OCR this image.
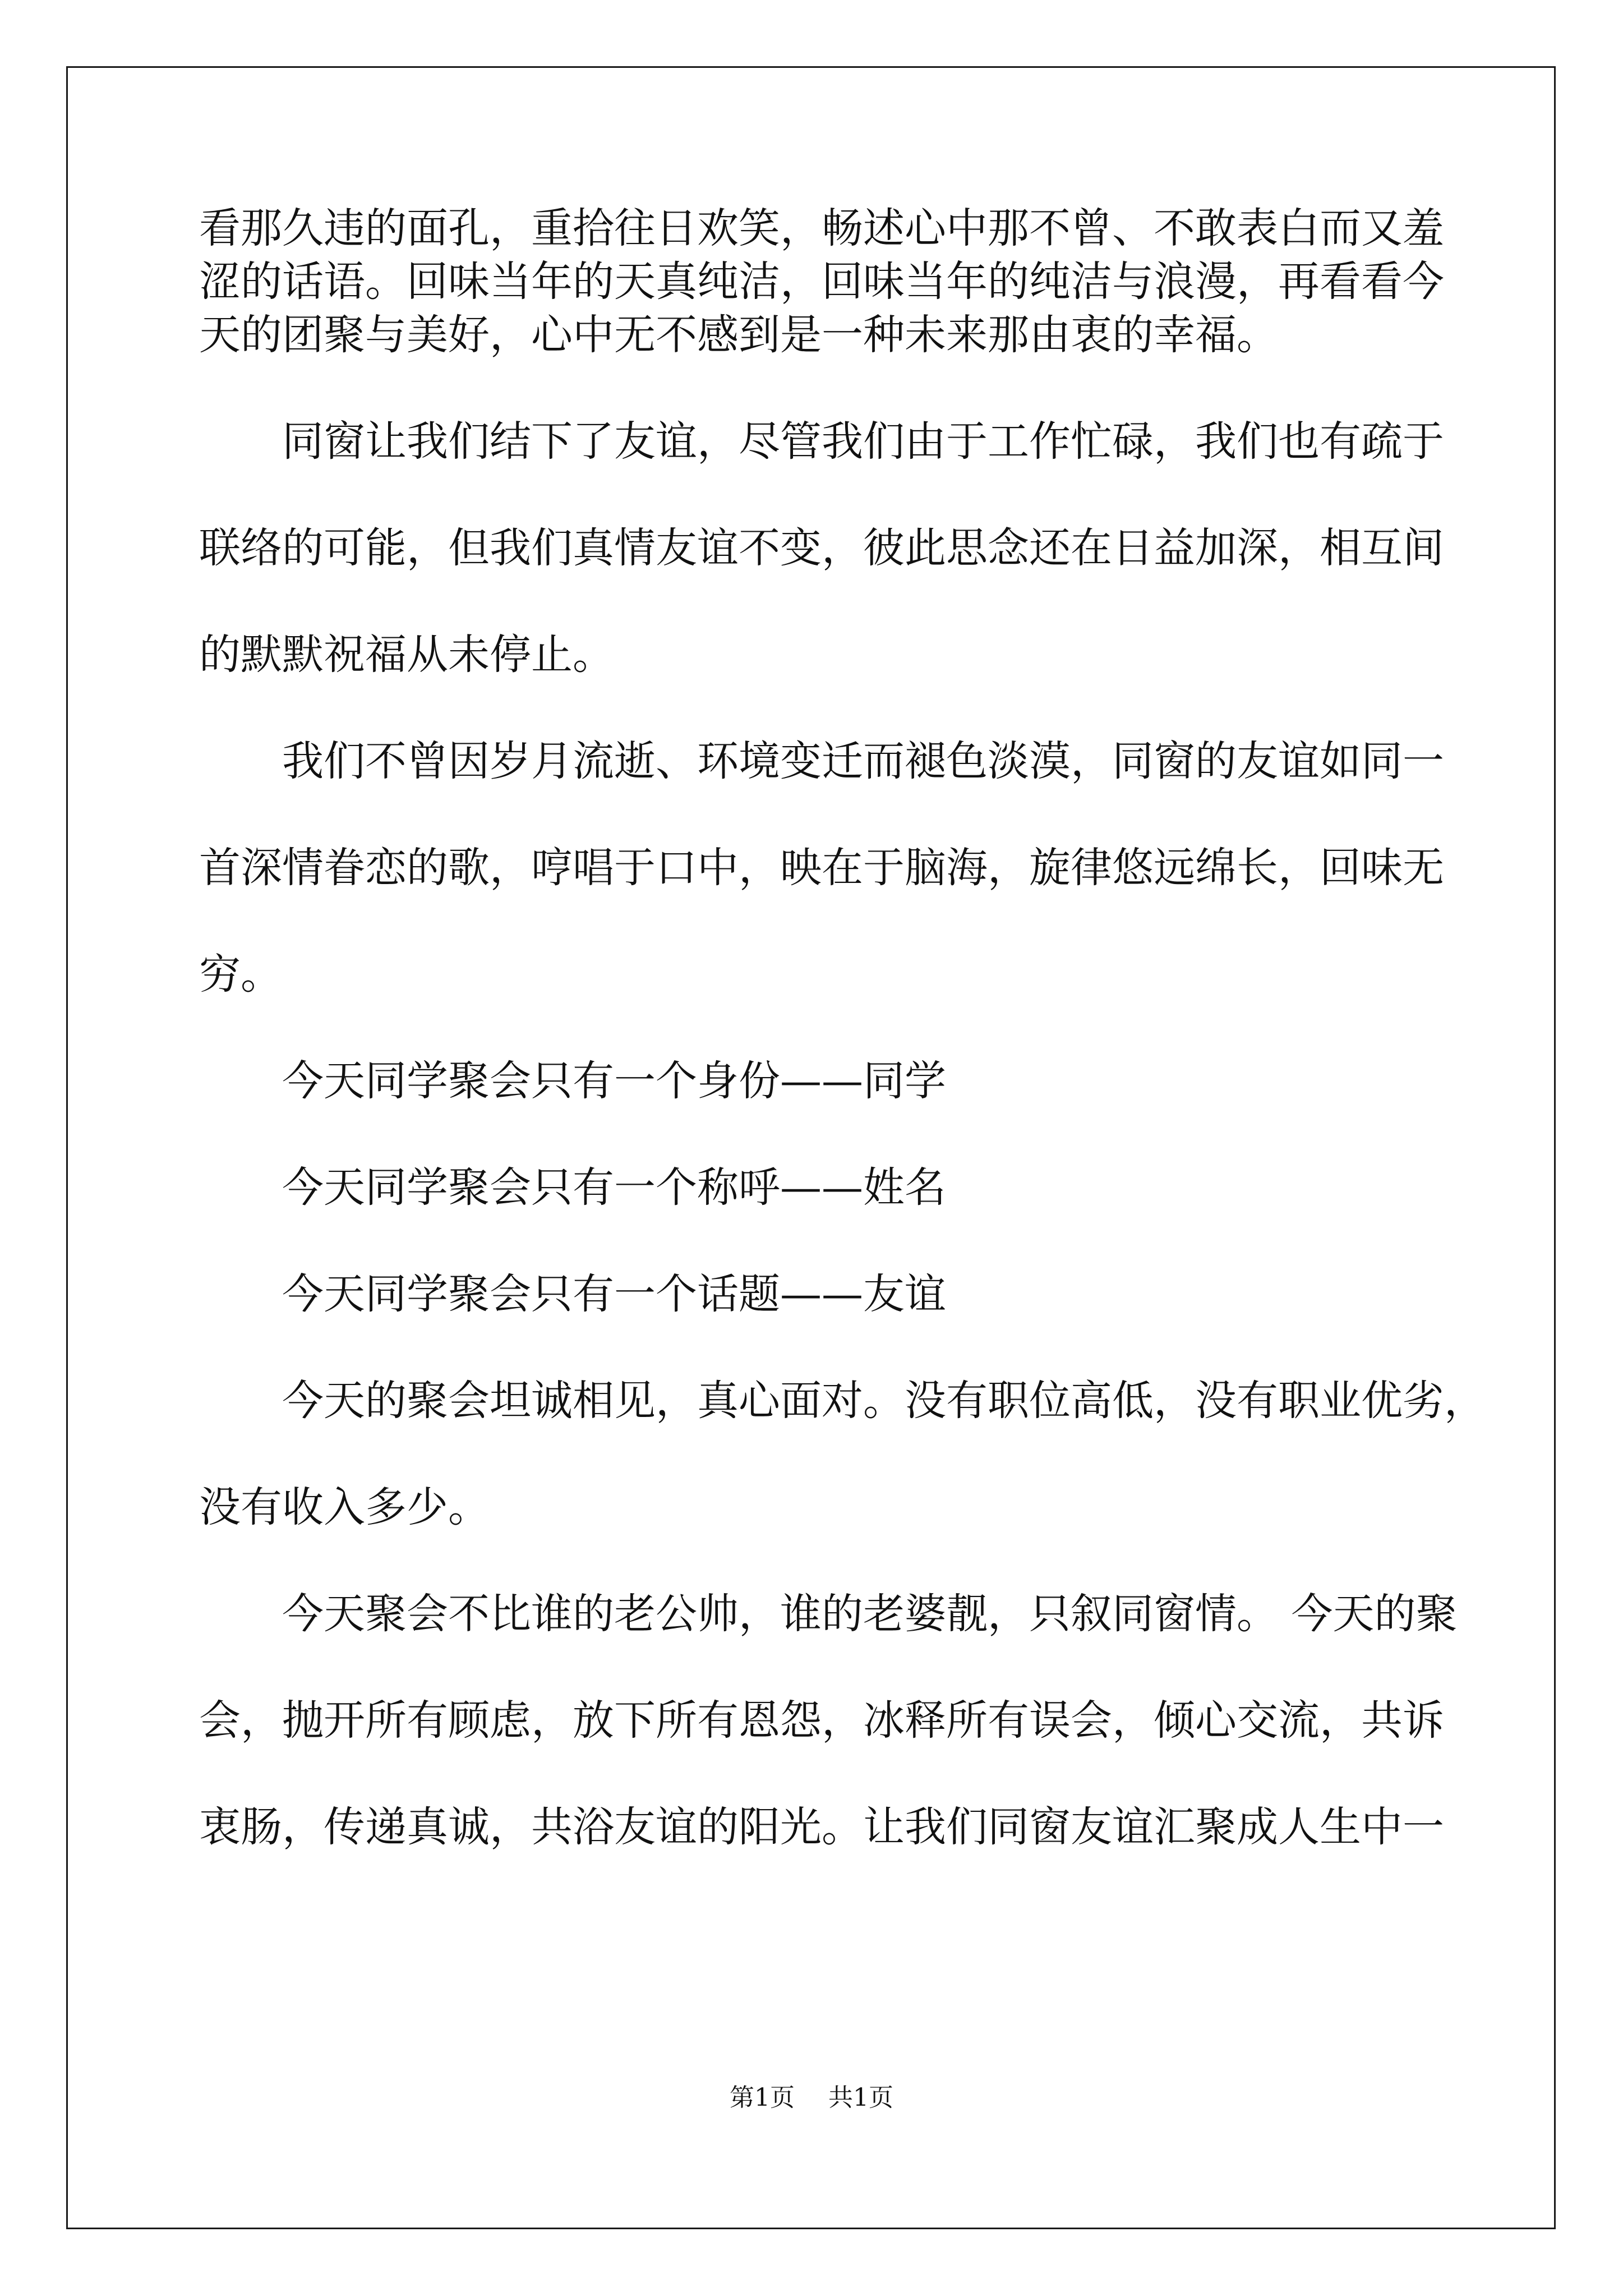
看那久违的面孔，重拾往日欢笑，畅述心中那不曾、不敢表白而又羞
涩的话语。回味当年的天真纯洁，回味当年的纯洁与浪漫，再看看今
天的团聚与美好，心中无不感到是一种未来那由衷的幸福。
同窗让我们结下了友谊，尽管我们由于工作忙碌，我们也有疏于
联络的可能，但我们真情友谊不变，彼此思念还在日益加深，相互间
的默默祝福从未停止。
我们不曾因岁月流逝、环境变迁而褪色淡漠，同窗的友谊如同一
首深情眷恋的歌，哼唱于口中，映在于脑海，旋律悠远绵长，回味无
穷。
今天同学聚会只有一个身份——同学
今天同学聚会只有一个称呼——姓名
今天同学聚会只有一个话题——友谊
今天的聚会坦诚相见，真心面对。没有职位高低，没有职业优劣，
没有收入多少。
今天聚会不比谁的老公帅，谁的老婆靓，只叙同窗情。 今天的聚
会，抛开所有顾虑，放下所有恩怨，冰释所有误会，倾心交流，共诉
衷肠，传递真诚，共浴友谊的阳光。让我们同窗友谊汇聚成人生中一
第1页 共1页
